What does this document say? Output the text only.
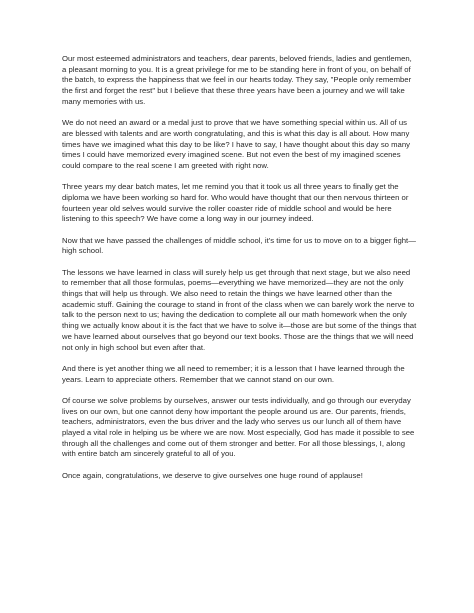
Our most esteemed administrators and teachers, dear parents, beloved friends, ladies and gentlemen, a pleasant morning to you. It is a great privilege for me to be standing here in front of you, on behalf of the batch, to express the happiness that we feel in our hearts today. They say, "People only remember the first and forget the rest" but I believe that these three years have been a journey and we will take many memories with us.

We do not need an award or a medal just to prove that we have something special within us. All of us are blessed with talents and are worth congratulating, and this is what this day is all about. How many times have we imagined what this day to be like? I have to say, I have thought about this day so many times I could have memorized every imagined scene. But not even the best of my imagined scenes could compare to the real scene I am greeted with right now.

Three years my dear batch mates, let me remind you that it took us all three years to finally get the diploma we have been working so hard for. Who would have thought that our then nervous thirteen or fourteen year old selves would survive the roller coaster ride of middle school and would be here listening to this speech? We have come a long way in our journey indeed.

Now that we have passed the challenges of middle school, it's time for us to move on to a bigger fight—high school.

The lessons we have learned in class will surely help us get through that next stage, but we also need to remember that all those formulas, poems—everything we have memorized—they are not the only things that will help us through. We also need to retain the things we have learned other than the academic stuff. Gaining the courage to stand in front of the class when we can barely work the nerve to talk to the person next to us; having the dedication to complete all our math homework when the only thing we actually know about it is the fact that we have to solve it—those are but some of the things that we have learned about ourselves that go beyond our text books. Those are the things that we will need not only in high school but even after that.

And there is yet another thing we all need to remember; it is a lesson that I have learned through the years. Learn to appreciate others. Remember that we cannot stand on our own.

Of course we solve problems by ourselves, answer our tests individually, and go through our everyday lives on our own, but one cannot deny how important the people around us are. Our parents, friends, teachers, administrators, even the bus driver and the lady who serves us our lunch all of them have played a vital role in helping us be where we are now. Most especially, God has made it possible to see through all the challenges and come out of them stronger and better. For all those blessings, I, along with entire batch am sincerely grateful to all of you.

Once again, congratulations, we deserve to give ourselves one huge round of applause!
